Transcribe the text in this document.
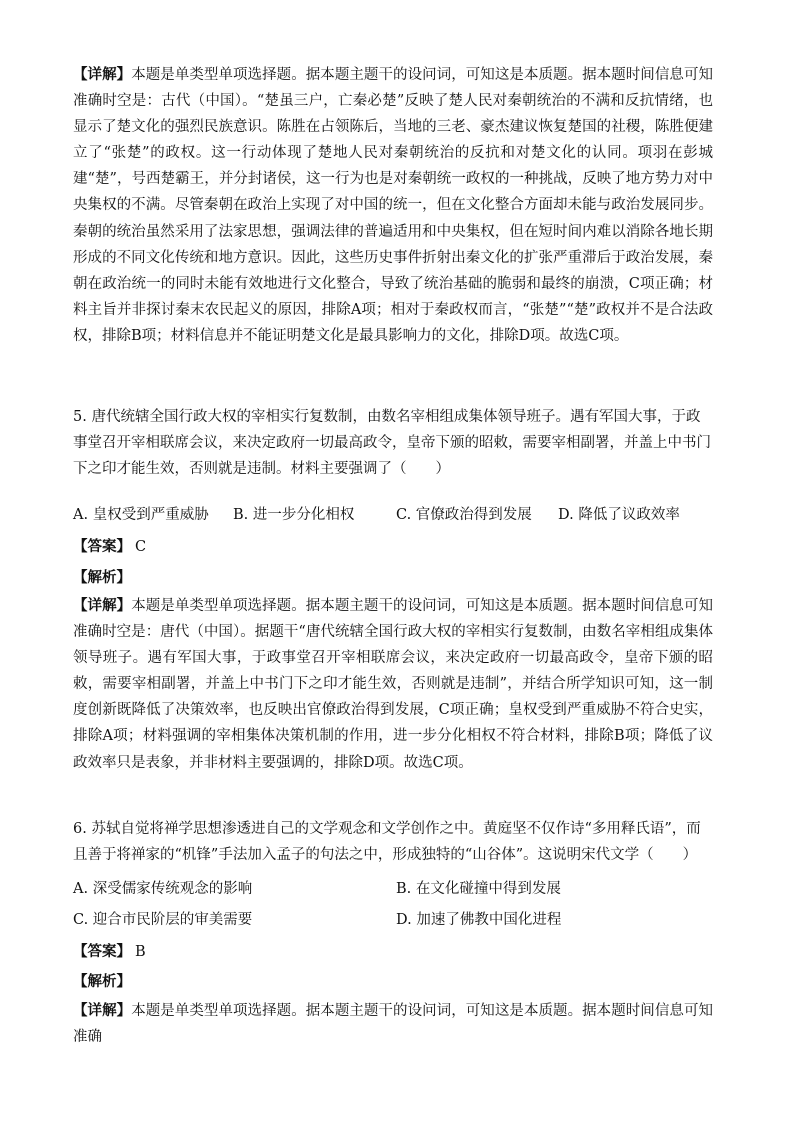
【详解】本题是单类型单项选择题。据本题主题干的设问词，可知这是本质题。据本题时间信息可知准确时空是：古代（中国）。“楚虽三户，亡秦必楚”反映了楚人民对秦朝统治的不满和反抗情绪，也显示了楚文化的强烈民族意识。陈胜在占领陈后，当地的三老、豪杰建议恢复楚国的社稷，陈胜便建立了“张楚”的政权。这一行动体现了楚地人民对秦朝统治的反抗和对楚文化的认同。项羽在彭城建“楚”，号西楚霸王，并分封诸侯，这一行为也是对秦朝统一政权的一种挑战，反映了地方势力对中央集权的不满。尽管秦朝在政治上实现了对中国的统一，但在文化整合方面却未能与政治发展同步。秦朝的统治虽然采用了法家思想，强调法律的普遍适用和中央集权，但在短时间内难以消除各地长期形成的不同文化传统和地方意识。因此，这些历史事件折射出秦文化的扩张严重滞后于政治发展，秦朝在政治统一的同时未能有效地进行文化整合，导致了统治基础的脆弱和最终的崩溃，C项正确；材料主旨并非探讨秦末农民起义的原因，排除A项；相对于秦政权而言，“张楚”“楚”政权并不是合法政权，排除B项；材料信息并不能证明楚文化是最具影响力的文化，排除D项。故选C项。

5. 唐代统辖全国行政大权的宰相实行复数制，由数名宰相组成集体领导班子。遇有军国大事，于政事堂召开宰相联席会议，来决定政府一切最高政令，皇帝下颁的昭敕，需要宰相副署，并盖上中书门下之印才能生效，否则就是违制。材料主要强调了（　　）

A. 皇权受到严重威胁 B. 进一步分化相权	C. 官僚政治得到发展 D. 降低了议政效率
【答案】 C
【解析】

【详解】本题是单类型单项选择题。据本题主题干的设问词，可知这是本质题。据本题时间信息可知准确时空是：唐代（中国）。据题干“唐代统辖全国行政大权的宰相实行复数制，由数名宰相组成集体领导班子。遇有军国大事，于政事堂召开宰相联席会议，来决定政府一切最高政令，皇帝下颁的昭敕，需要宰相副署，并盖上中书门下之印才能生效，否则就是违制”，并结合所学知识可知，这一制度创新既降低了决策效率，也反映出官僚政治得到发展，C项正确；皇权受到严重威胁不符合史实，排除A项；材料强调的宰相集体决策机制的作用，进一步分化相权不符合材料，排除B项；降低了议政效率只是表象，并非材料主要强调的，排除D项。故选C项。

6. 苏轼自觉将禅学思想渗透进自己的文学观念和文学创作之中。黄庭坚不仅作诗“多用释氏语”，而且善于将禅家的“机锋”手法加入孟子的句法之中，形成独特的“山谷体”。这说明宋代文学（　　）

A. 深受儒家传统观念的影响	B. 在文化碰撞中得到发展
C. 迎合市民阶层的审美需要	D. 加速了佛教中国化进程
【答案】 B
【解析】

【详解】本题是单类型单项选择题。据本题主题干的设问词，可知这是本质题。据本题时间信息可知准确
